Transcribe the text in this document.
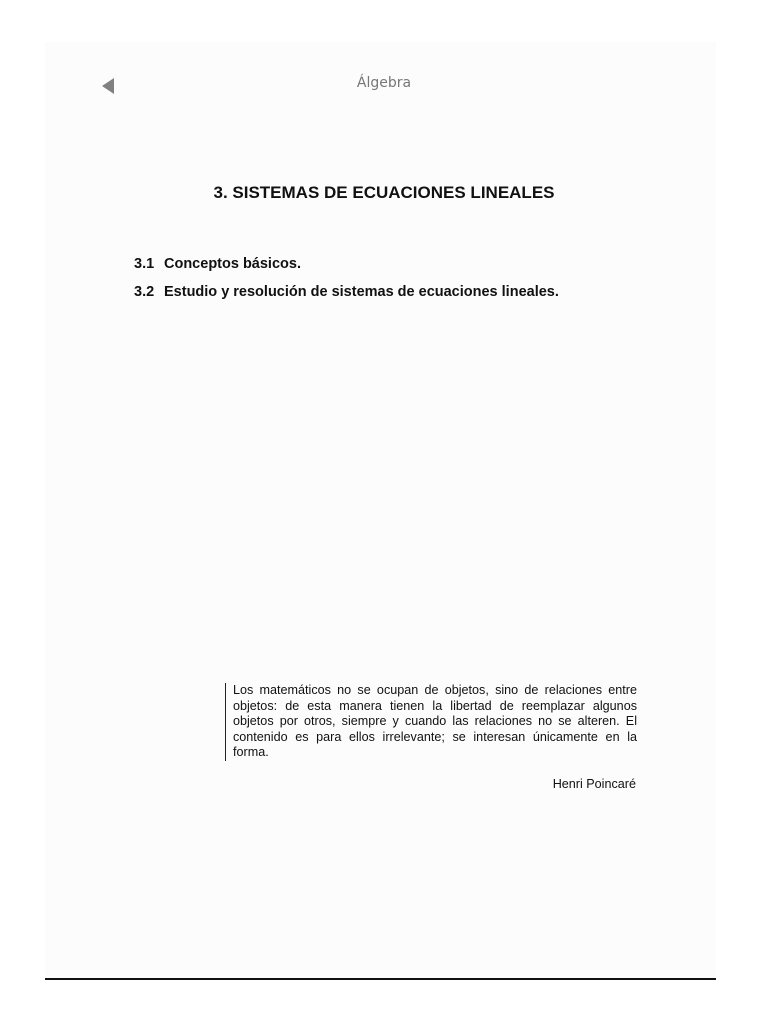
Álgebra
3. SISTEMAS DE ECUACIONES LINEALES
3.1 Conceptos básicos.
3.2 Estudio y resolución de sistemas de ecuaciones lineales.

Los matemáticos no se ocupan de objetos, sino de relaciones entre objetos: de esta manera tienen la libertad de reemplazar algunos objetos por otros, siempre y cuando las relaciones no se alteren. El contenido es para ellos irrelevante; se interesan únicamente en la forma.

Henri Poincaré
